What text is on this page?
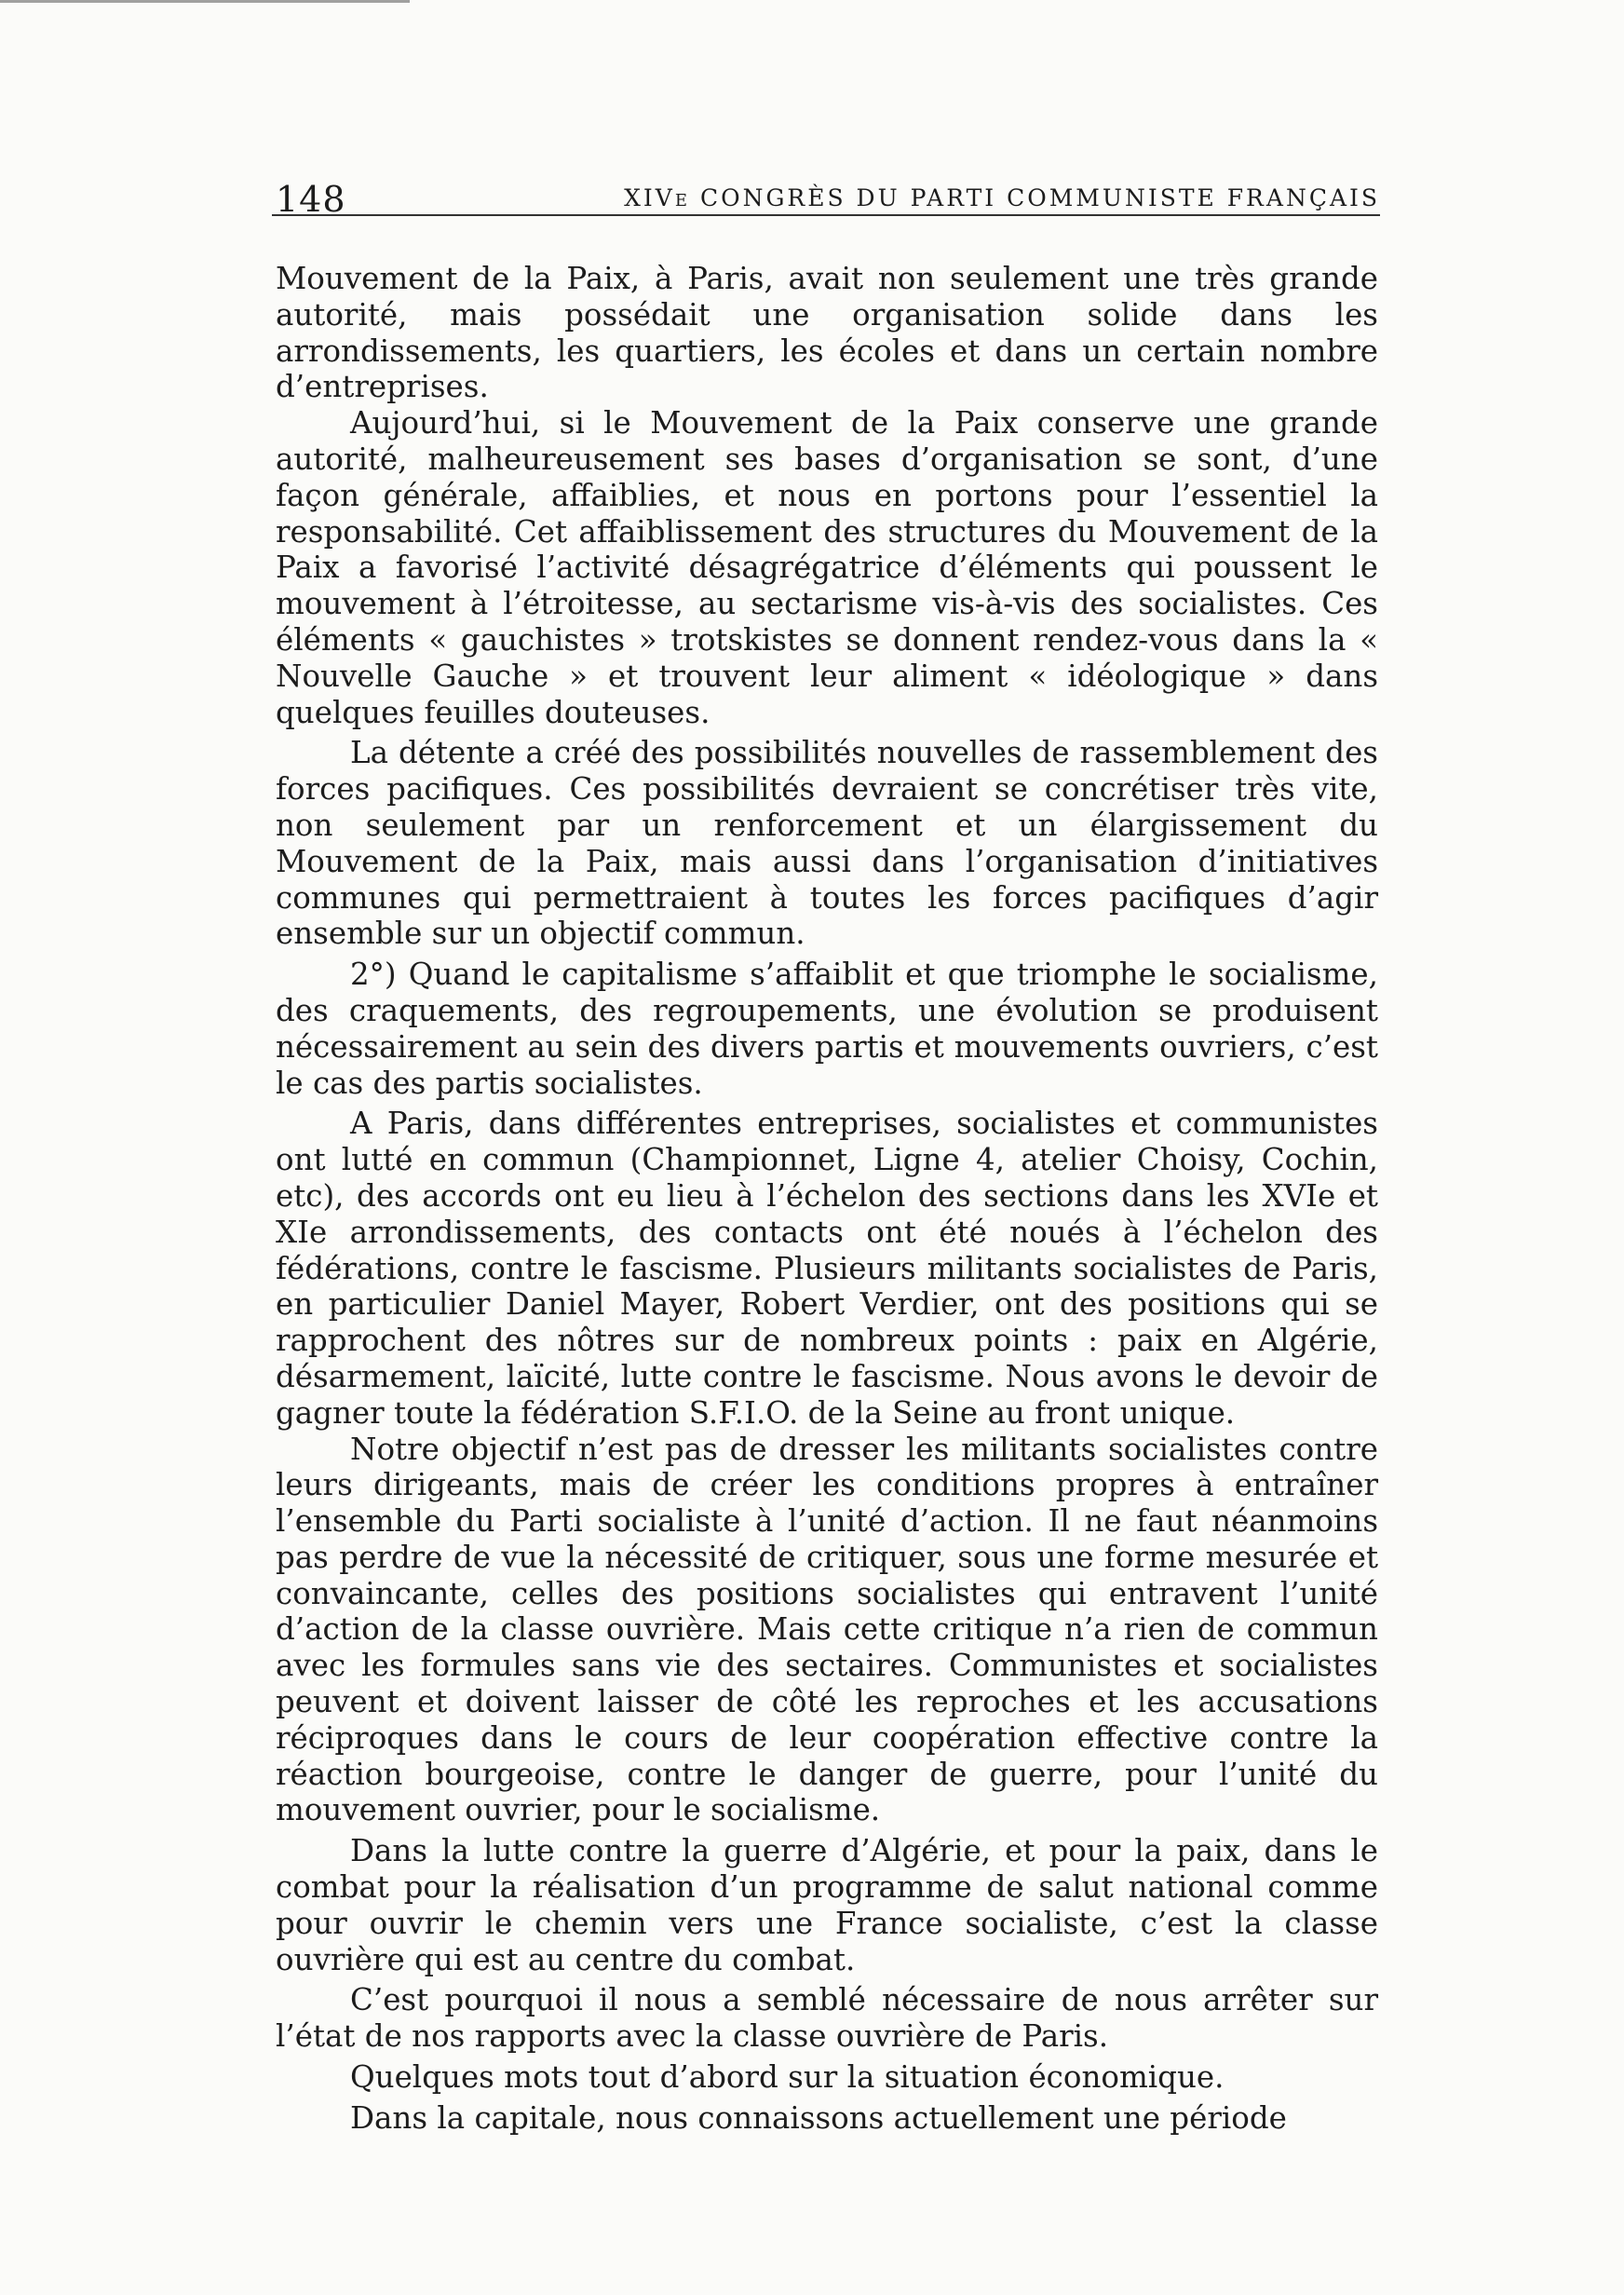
148	XIVe CONGRÈS DU PARTI COMMUNISTE FRANÇAIS

Mouvement de la Paix, à Paris, avait non seulement une très grande autorité, mais possédait une organisation solide dans les arrondissements, les quartiers, les écoles et dans un certain nombre d’entreprises.

Aujourd’hui, si le Mouvement de la Paix conserve une grande autorité, malheureusement ses bases d’organisation se sont, d’une façon générale, affaiblies, et nous en portons pour l’essentiel la responsabilité. Cet affaiblissement des structures du Mouvement de la Paix a favorisé l’activité désagrégatrice d’éléments qui poussent le mouvement à l’étroitesse, au sectarisme vis-à-vis des socialistes. Ces éléments « gauchistes » trotskistes se donnent rendez-vous dans la « Nouvelle Gauche » et trouvent leur aliment « idéologique » dans quelques feuilles douteuses.

La détente a créé des possibilités nouvelles de rassemblement des forces pacifiques. Ces possibilités devraient se concrétiser très vite, non seulement par un renforcement et un élargissement du Mouvement de la Paix, mais aussi dans l’organisation d’initiatives communes qui permettraient à toutes les forces pacifiques d’agir ensemble sur un objectif commun.

2°) Quand le capitalisme s’affaiblit et que triomphe le socialisme, des craquements, des regroupements, une évolution se produisent nécessairement au sein des divers partis et mouvements ouvriers, c’est le cas des partis socialistes.

A Paris, dans différentes entreprises, socialistes et communistes ont lutté en commun (Championnet, Ligne 4, atelier Choisy, Cochin, etc), des accords ont eu lieu à l’échelon des sections dans les XVIe et XIe arrondissements, des contacts ont été noués à l’échelon des fédérations, contre le fascisme. Plusieurs militants socialistes de Paris, en particulier Daniel Mayer, Robert Verdier, ont des positions qui se rapprochent des nôtres sur de nombreux points : paix en Algérie, désarmement, laïcité, lutte contre le fascisme. Nous avons le devoir de gagner toute la fédération S.F.I.O. de la Seine au front unique.

Notre objectif n’est pas de dresser les militants socialistes contre leurs dirigeants, mais de créer les conditions propres à entraîner l’ensemble du Parti socialiste à l’unité d’action. Il ne faut néanmoins pas perdre de vue la nécessité de critiquer, sous une forme mesurée et convaincante, celles des positions socialistes qui entravent l’unité d’action de la classe ouvrière. Mais cette critique n’a rien de commun avec les formules sans vie des sectaires. Communistes et socialistes peuvent et doivent laisser de côté les reproches et les accusations réciproques dans le cours de leur coopération effective contre la réaction bourgeoise, contre le danger de guerre, pour l’unité du mouvement ouvrier, pour le socialisme.

Dans la lutte contre la guerre d’Algérie, et pour la paix, dans le combat pour la réalisation d’un programme de salut national comme pour ouvrir le chemin vers une France socialiste, c’est la classe ouvrière qui est au centre du combat.

C’est pourquoi il nous a semblé nécessaire de nous arrêter sur l’état de nos rapports avec la classe ouvrière de Paris.

Quelques mots tout d’abord sur la situation économique.

Dans la capitale, nous connaissons actuellement une période
